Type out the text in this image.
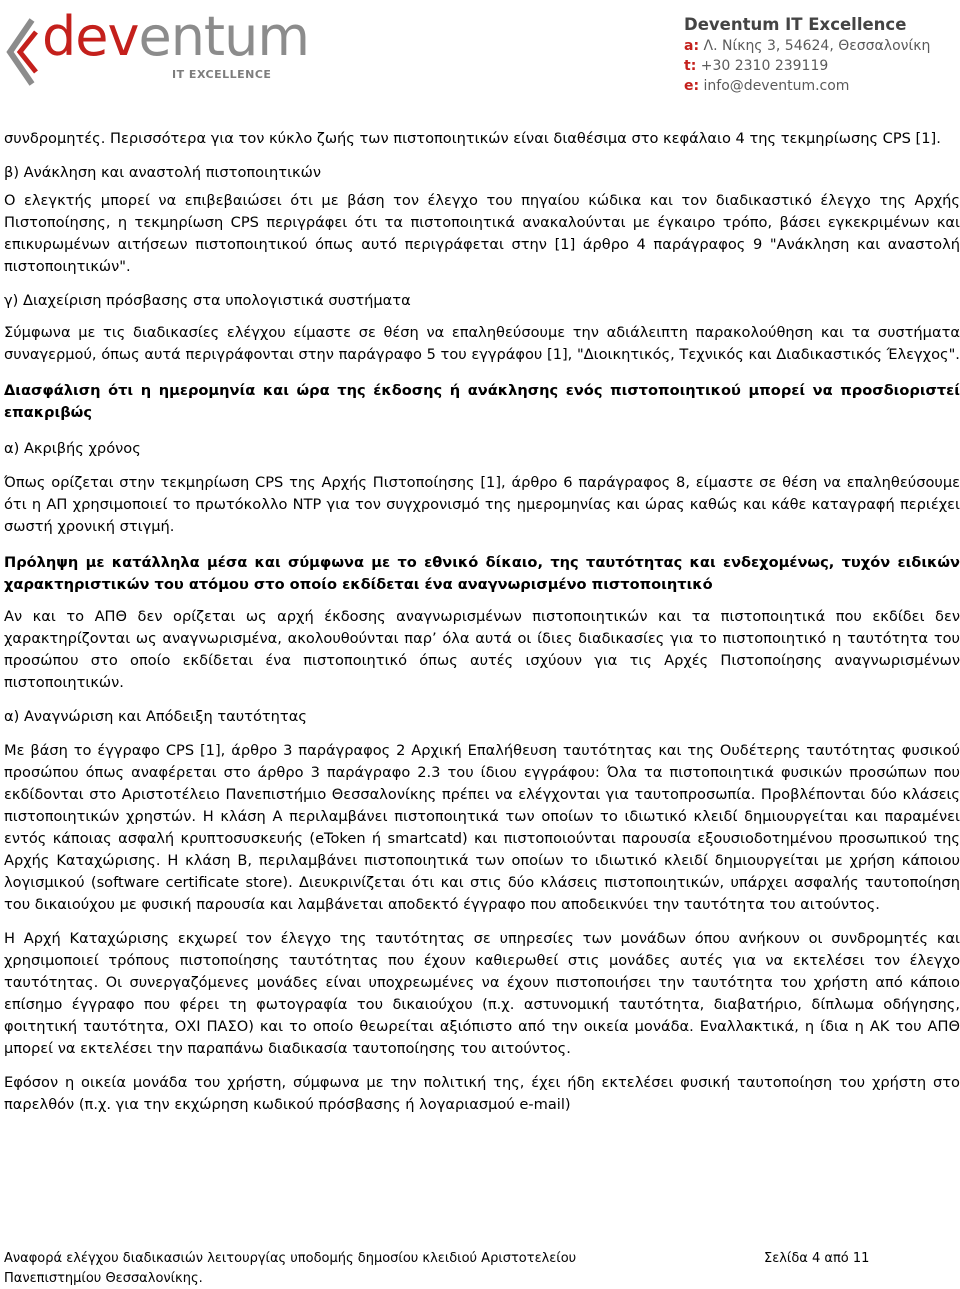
deventum
IT EXCELLENCE
Deventum IT Excellence
a: Λ. Νίκης 3, 54624, Θεσσαλονίκη
t: +30 2310 239119
e: info@deventum.com

συνδρομητές. Περισσότερα για τον κύκλο ζωής των πιστοποιητικών είναι διαθέσιμα στο κεφάλαιο 4 της τεκμηρίωσης CPS [1].

β) Ανάκληση και αναστολή πιστοποιητικών

Ο ελεγκτής μπορεί να επιβεβαιώσει ότι με βάση τον έλεγχο του πηγαίου κώδικα και τον διαδικαστικό έλεγχο της Αρχής Πιστοποίησης, η τεκμηρίωση CPS περιγράφει ότι τα πιστοποιητικά ανακαλούνται με έγκαιρο τρόπο, βάσει εγκεκριμένων και επικυρωμένων αιτήσεων πιστοποιητικού όπως αυτό περιγράφεται στην [1] άρθρο 4 παράγραφος 9 "Ανάκληση και αναστολή πιστοποιητικών".

γ) Διαχείριση πρόσβασης στα υπολογιστικά συστήματα

Σύμφωνα με τις διαδικασίες ελέγχου είμαστε σε θέση να επαληθεύσουμε την αδιάλειπτη παρακολούθηση και τα συστήματα συναγερμού, όπως αυτά περιγράφονται στην παράγραφο 5 του εγγράφου [1], "Διοικητικός, Τεχνικός και Διαδικαστικός Έλεγχος".

Διασφάλιση ότι η ημερομηνία και ώρα της έκδοσης ή ανάκλησης ενός πιστοποιητικού μπορεί να προσδιοριστεί επακριβώς

α) Ακριβής χρόνος

Όπως ορίζεται στην τεκμηρίωση CPS της Αρχής Πιστοποίησης [1], άρθρο 6 παράγραφος 8, είμαστε σε θέση να επαληθεύσουμε ότι η ΑΠ χρησιμοποιεί το πρωτόκολλο NTP για τον συγχρονισμό της ημερομηνίας και ώρας καθώς και κάθε καταγραφή περιέχει σωστή χρονική στιγμή.

Πρόληψη με κατάλληλα μέσα και σύμφωνα με το εθνικό δίκαιο, της ταυτότητας και ενδεχομένως, τυχόν ειδικών χαρακτηριστικών του ατόμου στο οποίο εκδίδεται ένα αναγνωρισμένο πιστοποιητικό

Αν και το ΑΠΘ δεν ορίζεται ως αρχή έκδοσης αναγνωρισμένων πιστοποιητικών και τα πιστοποιητικά που εκδίδει δεν χαρακτηρίζονται ως αναγνωρισμένα, ακολουθούνται παρ’ όλα αυτά οι ίδιες διαδικασίες για το πιστοποιητικό η ταυτότητα του προσώπου στο οποίο εκδίδεται ένα πιστοποιητικό όπως αυτές ισχύουν για τις Αρχές Πιστοποίησης αναγνωρισμένων πιστοποιητικών.

α) Αναγνώριση και Απόδειξη ταυτότητας

Με βάση το έγγραφο CPS [1], άρθρο 3 παράγραφος 2 Αρχική Επαλήθευση ταυτότητας και της Ουδέτερης ταυτότητας φυσικού προσώπου όπως αναφέρεται στο άρθρο 3 παράγραφο 2.3 του ίδιου εγγράφου: Όλα τα πιστοποιητικά φυσικών προσώπων που εκδίδονται στο Αριστοτέλειο Πανεπιστήμιο Θεσσαλονίκης πρέπει να ελέγχονται για ταυτοπροσωπία. Προβλέπονται δύο κλάσεις πιστοποιητικών χρηστών. Η κλάση Α περιλαμβάνει πιστοποιητικά των οποίων το ιδιωτικό κλειδί δημιουργείται και παραμένει εντός κάποιας ασφαλή κρυπτοσυσκευής (eToken ή smartcatd) και πιστοποιούνται παρουσία εξουσιοδοτημένου προσωπικού της Αρχής Καταχώρισης. Η κλάση Β, περιλαμβάνει πιστοποιητικά των οποίων το ιδιωτικό κλειδί δημιουργείται με χρήση κάποιου λογισμικού (software certificate store). Διευκρινίζεται ότι και στις δύο κλάσεις πιστοποιητικών, υπάρχει ασφαλής ταυτοποίηση του δικαιούχου με φυσική παρουσία και λαμβάνεται αποδεκτό έγγραφο που αποδεικνύει την ταυτότητα του αιτούντος.

Η Αρχή Καταχώρισης εκχωρεί τον έλεγχο της ταυτότητας σε υπηρεσίες των μονάδων όπου ανήκουν οι συνδρομητές και χρησιμοποιεί τρόπους πιστοποίησης ταυτότητας που έχουν καθιερωθεί στις μονάδες αυτές για να εκτελέσει τον έλεγχο ταυτότητας. Οι συνεργαζόμενες μονάδες είναι υποχρεωμένες να έχουν πιστοποιήσει την ταυτότητα του χρήστη από κάποιο επίσημο έγγραφο που φέρει τη φωτογραφία του δικαιούχου (π.χ. αστυνομική ταυτότητα, διαβατήριο, δίπλωμα οδήγησης, φοιτητική ταυτότητα, ΟΧΙ ΠΑΣΟ) και το οποίο θεωρείται αξιόπιστο από την οικεία μονάδα. Εναλλακτικά, η ίδια η ΑΚ του ΑΠΘ μπορεί να εκτελέσει την παραπάνω διαδικασία ταυτοποίησης του αιτούντος.

Εφόσον η οικεία μονάδα του χρήστη, σύμφωνα με την πολιτική της, έχει ήδη εκτελέσει φυσική ταυτοποίηση του χρήστη στο παρελθόν (π.χ. για την εκχώρηση κωδικού πρόσβασης ή λογαριασμού e-mail)

Αναφορά ελέγχου διαδικασιών λειτουργίας υποδομής δημοσίου κλειδιού Αριστοτελείου Πανεπιστημίου Θεσσαλονίκης.
Σελίδα 4 από 11
